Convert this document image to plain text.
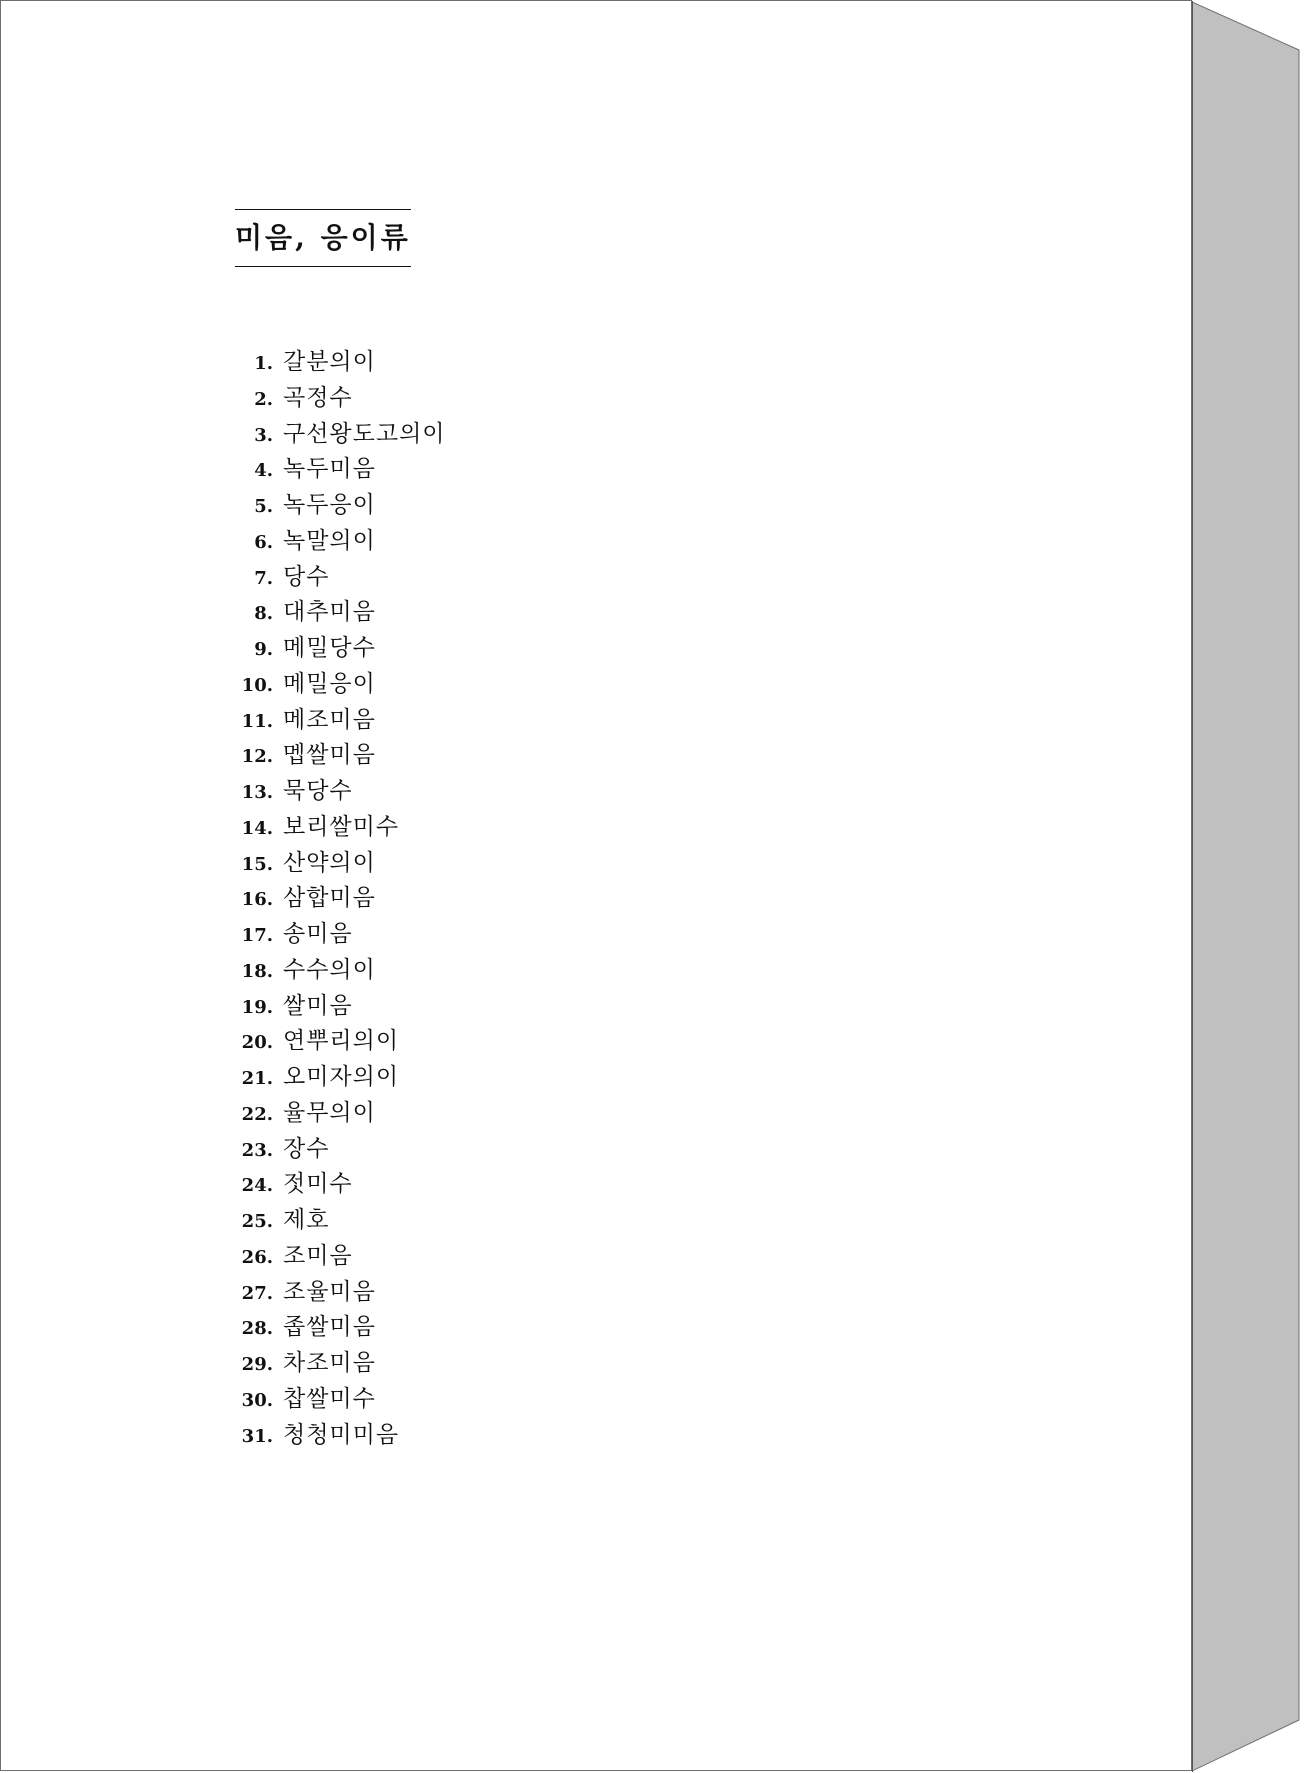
미음, 응이류
1. 갈분의이
2. 곡정수
3. 구선왕도고의이
4. 녹두미음
5. 녹두응이
6. 녹말의이
7. 당수
8. 대추미음
9. 메밀당수
10. 메밀응이
11. 메조미음
12. 멥쌀미음
13. 묵당수
14. 보리쌀미수
15. 산약의이
16. 삼합미음
17. 송미음
18. 수수의이
19. 쌀미음
20. 연뿌리의이
21. 오미자의이
22. 율무의이
23. 장수
24. 젓미수
25. 제호
26. 조미음
27. 조율미음
28. 좁쌀미음
29. 차조미음
30. 찹쌀미수
31. 청청미미음
